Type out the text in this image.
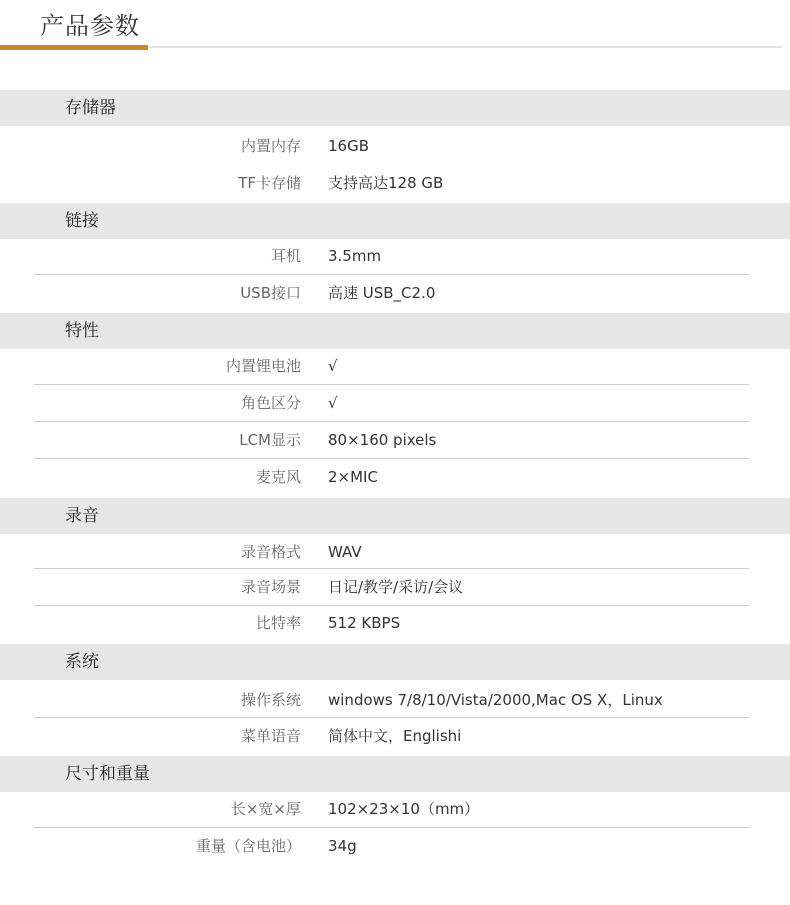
产品参数
存储器
内置内存 16GB
TF卡存储 支持高达128 GB
链接
耳机 3.5mm
USB接口 高速 USB_C2.0
特性
内置锂电池 √
角色区分 √
LCM显示 80×160 pixels
麦克风 2×MIC
录音
录音格式 WAV
录音场景 日记/教学/采访/会议
比特率 512 KBPS
系统
操作系统 windows 7/8/10/Vista/2000,Mac OS X，Linux
菜单语音 简体中文，Englishi
尺寸和重量
长×宽×厚 102×23×10（mm）
重量（含电池） 34g
